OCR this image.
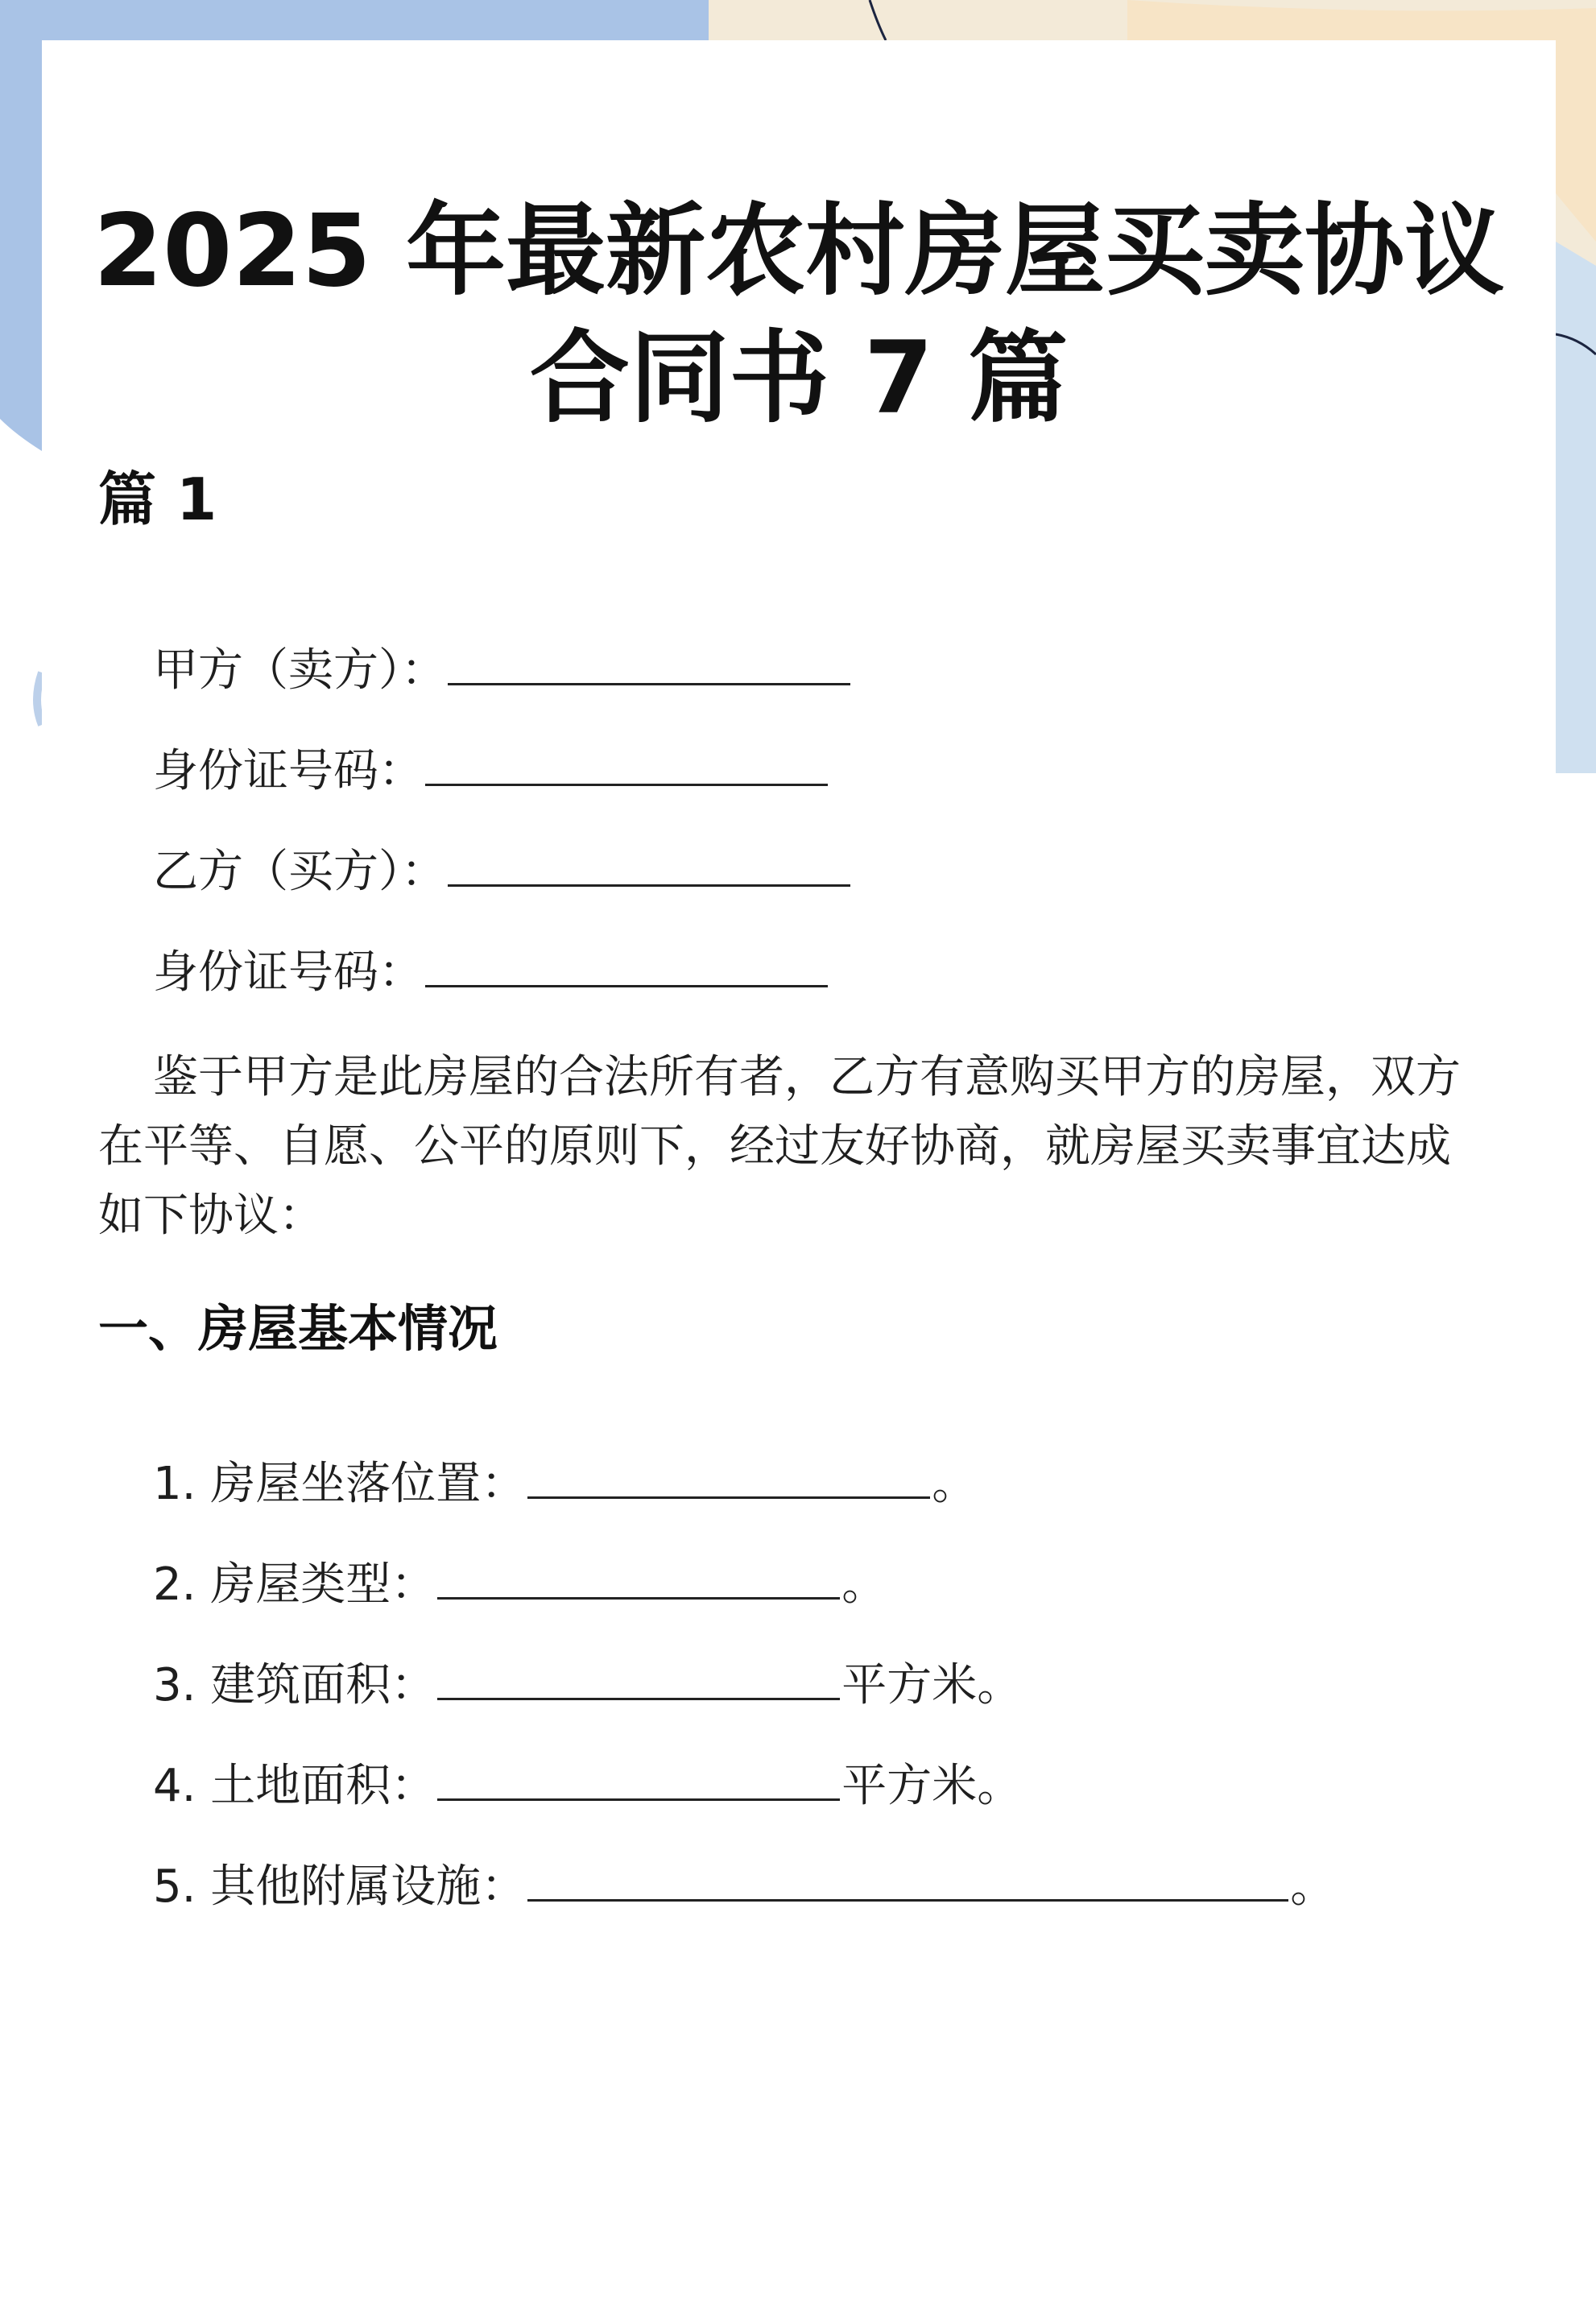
2025 年最新农村房屋买卖协议
合同书 7 篇
篇 1
甲方（卖方）：
身份证号码：
乙方（买方）：
身份证号码：
鉴于甲方是此房屋的合法所有者，乙方有意购买甲方的房屋，双方
在平等、自愿、公平的原则下，经过友好协商，就房屋买卖事宜达成
如下协议：
一、房屋基本情况
1. 房屋坐落位置：	。
2. 房屋类型：	。
3. 建筑面积：	平方米。
4. 土地面积：	平方米。
5. 其他附属设施：	。
